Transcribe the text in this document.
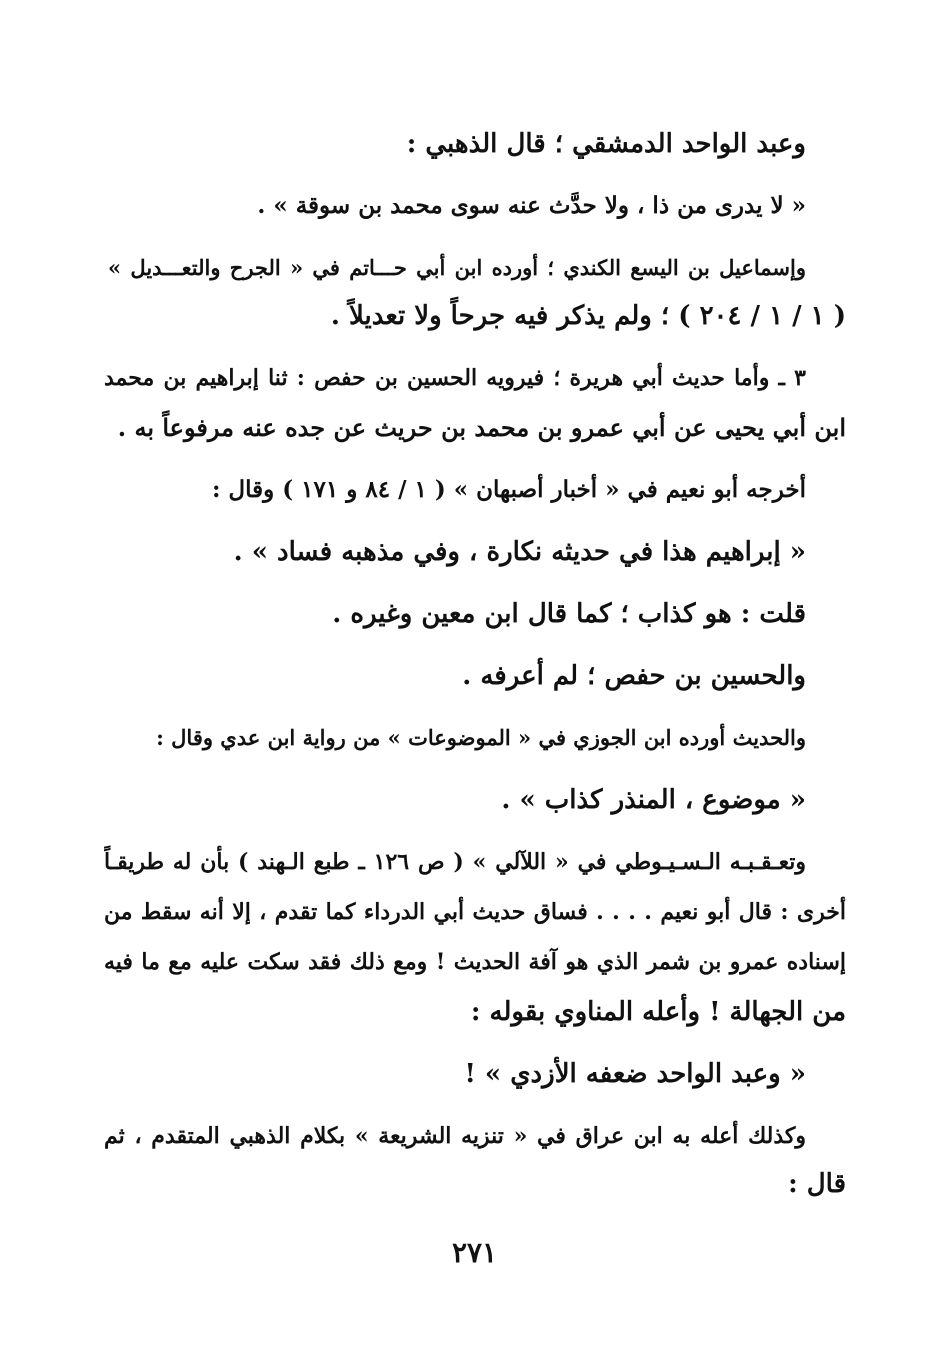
وعبد الواحد الدمشقي ؛ قال الذهبي :
« لا يدرى من ذا ، ولا حدَّث عنه سوى محمد بن سوقة » .
وإسماعيل بن اليسع الكندي ؛ أورده ابن أبي حـــاتم في « الجرح والتعـــديل »
( ١ / ١ / ٢٠٤ ) ؛ ولم يذكر فيه جرحاً ولا تعديلاً .
٣ ـ وأما حديث أبي هريرة ؛ فيرويه الحسين بن حفص : ثنا إبراهيم بن محمد
ابن أبي يحيى عن أبي عمرو بن محمد بن حريث عن جده عنه مرفوعاً به .
أخرجه أبو نعيم في « أخبار أصبهان » ( ١ / ٨٤ و ١٧١ ) وقال :
« إبراهيم هذا في حديثه نكارة ، وفي مذهبه فساد » .
قلت : هو كذاب ؛ كما قال ابن معين وغيره .
والحسين بن حفص ؛ لم أعرفه .
والحديث أورده ابن الجوزي في « الموضوعات » من رواية ابن عدي وقال :
« موضوع ، المنذر كذاب » .
وتعـقـبـه الـسـيـوطي في « اللآلي » ( ص ١٢٦ ـ طبع الـهند ) بأن له طريقـاً
أخرى : قال أبو نعيم . . . . فساق حديث أبي الدرداء كما تقدم ، إلا أنه سقط من
إسناده عمرو بن شمر الذي هو آفة الحديث ! ومع ذلك فقد سكت عليه مع ما فيه
من الجهالة ! وأعله المناوي بقوله :
« وعبد الواحد ضعفه الأزدي » !
وكذلك أعله به ابن عراق في « تنزيه الشريعة » بكلام الذهبي المتقدم ، ثم
قال :
٢٧١
